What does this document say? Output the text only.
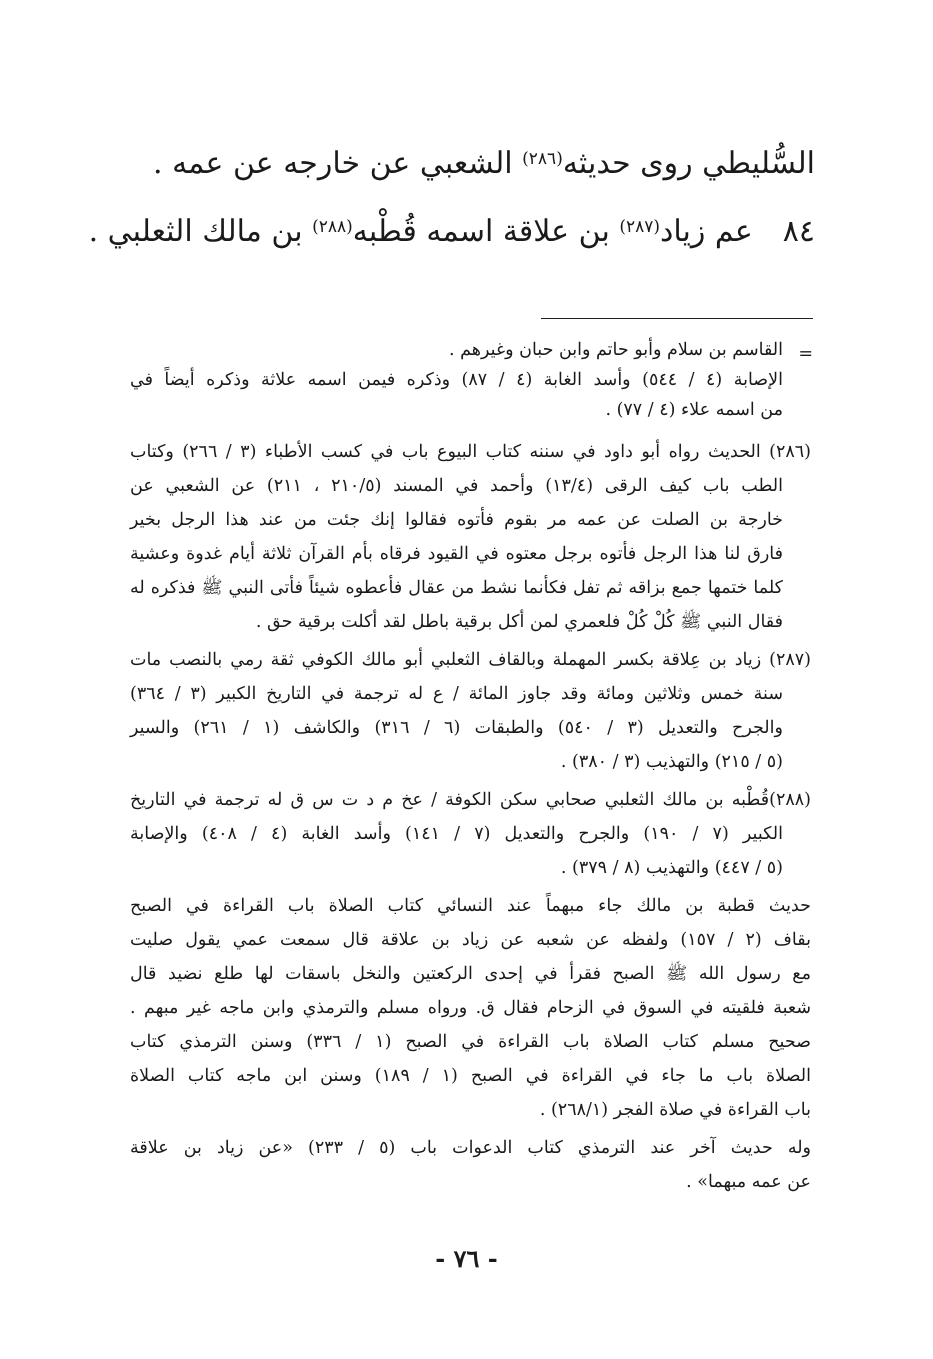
السُّليطي روى حديثه$^{(٢٨٦)}$ الشعبي عن خارجه عن عمه .
٨٤عم زياد$^{(٢٨٧)}$ بن علاقة اسمه قُطْبه$^{(٢٨٨)}$ بن مالك الثعلبي .
=
القاسم بن سلام وأبو حاتم وابن حبان وغيرهم .
الإصابة (٤ / ٥٤٤) وأسد الغابة (٤ / ٨٧) وذكره فيمن اسمه علاثة وذكره أيضاً في
من اسمه علاء (٤ / ٧٧) .
(٢٨٦) الحديث رواه أبو داود في سننه كتاب البيوع باب في كسب الأطباء (٣ / ٢٦٦) وكتاب
الطب باب كيف الرقى (١٣/٤) وأحمد في المسند (٢١٠/٥ ، ٢١١) عن الشعبي عن
خارجة بن الصلت عن عمه مر بقوم فأتوه فقالوا إنك جئت من عند هذا الرجل بخير
فارق لنا هذا الرجل فأتوه برجل معتوه في القيود فرقاه بأم القرآن ثلاثة أيام غدوة وعشية
كلما ختمها جمع بزاقه ثم تفل فكأنما نشط من عقال فأعطوه شيئاً فأتى النبي ﷺ فذكره له
فقال النبي ﷺ كُلْ كُلْ فلعمري لمن أكل برقية باطل لقد أكلت برقية حق .
(٢٨٧) زياد بن عِلاقة بكسر المهملة وبالقاف الثعلبي أبو مالك الكوفي ثقة رمي بالنصب مات
سنة خمس وثلاثين ومائة وقد جاوز المائة / ع له ترجمة في التاريخ الكبير (٣ / ٣٦٤)
والجرح والتعديل (٣ / ٥٤٠) والطبقات (٦ / ٣١٦) والكاشف (١ / ٢٦١) والسير
(٥ / ٢١٥) والتهذيب (٣ / ٣٨٠) .
(٢٨٨)قُطْبه بن مالك الثعلبي صحابي سكن الكوفة / عخ م د ت س ق له ترجمة في التاريخ
الكبير (٧ / ١٩٠) والجرح والتعديل (٧ / ١٤١) وأسد الغابة (٤ / ٤٠٨) والإصابة
(٥ / ٤٤٧) والتهذيب (٨ / ٣٧٩) .
حديث قطبة بن مالك جاء مبهماً عند النسائي كتاب الصلاة باب القراءة في الصبح
بقاف (٢ / ١٥٧) ولفظه عن شعبه عن زياد بن علاقة قال سمعت عمي يقول صليت
مع رسول الله ﷺ الصبح فقرأ في إحدى الركعتين والنخل باسقات لها طلع نضيد قال
شعبة فلقيته في السوق في الزحام فقال ق. ورواه مسلم والترمذي وابن ماجه غير مبهم .
صحيح مسلم كتاب الصلاة باب القراءة في الصبح (١ / ٣٣٦) وسنن الترمذي كتاب
الصلاة باب ما جاء في القراءة في الصبح (١ / ١٨٩) وسنن ابن ماجه كتاب الصلاة
باب القراءة في صلاة الفجر (٢٦٨/١) .
وله حديث آخر عند الترمذي كتاب الدعوات باب (٥ / ٢٣٣) «عن زياد بن علاقة
عن عمه مبهما» .
- ٧٦ -
